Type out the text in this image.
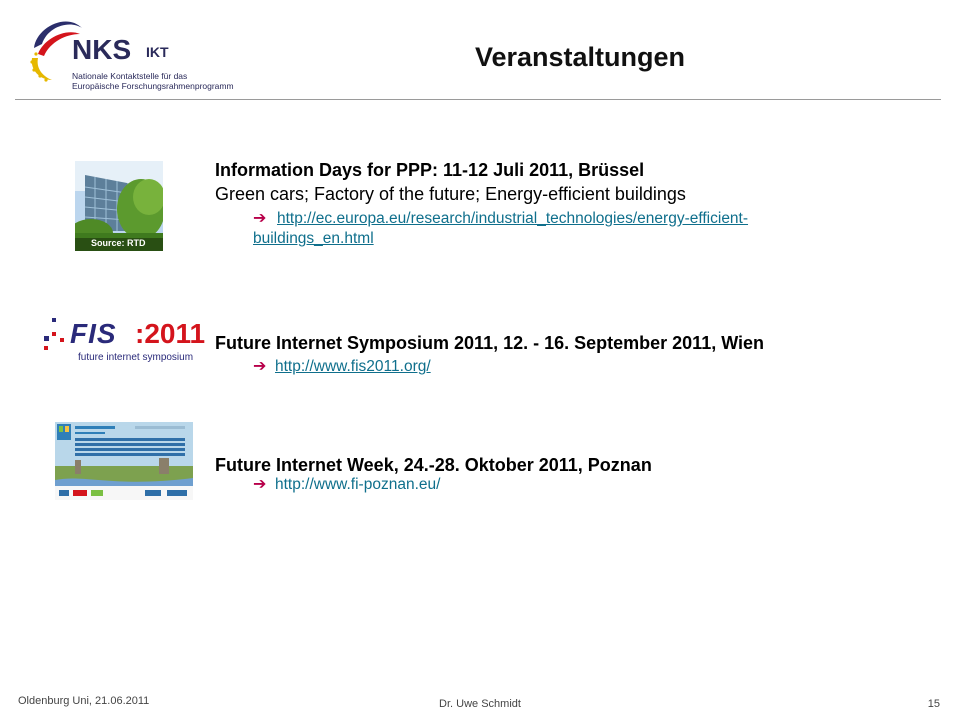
NKS IKT
Nationale Kontaktstelle für das
Europäische Forschungsrahmenprogramm
Veranstaltungen
Source: RTD
Information Days for PPP: 11-12 Juli 2011, Brüssel
Green cars; Factory of the future; Energy-efficient buildings
➔ http://ec.europa.eu/research/industrial_technologies/energy-efficient-
buildings_en.html
FIS :2011
future internet symposium
Future Internet Symposium 2011, 12. - 16. September 2011, Wien
➔ http://www.fis2011.org/
Future Internet Week, 24.-28. Oktober 2011, Poznan
➔ http://www.fi-poznan.eu/
Oldenburg Uni, 21.06.2011	Dr. Uwe Schmidt	15
